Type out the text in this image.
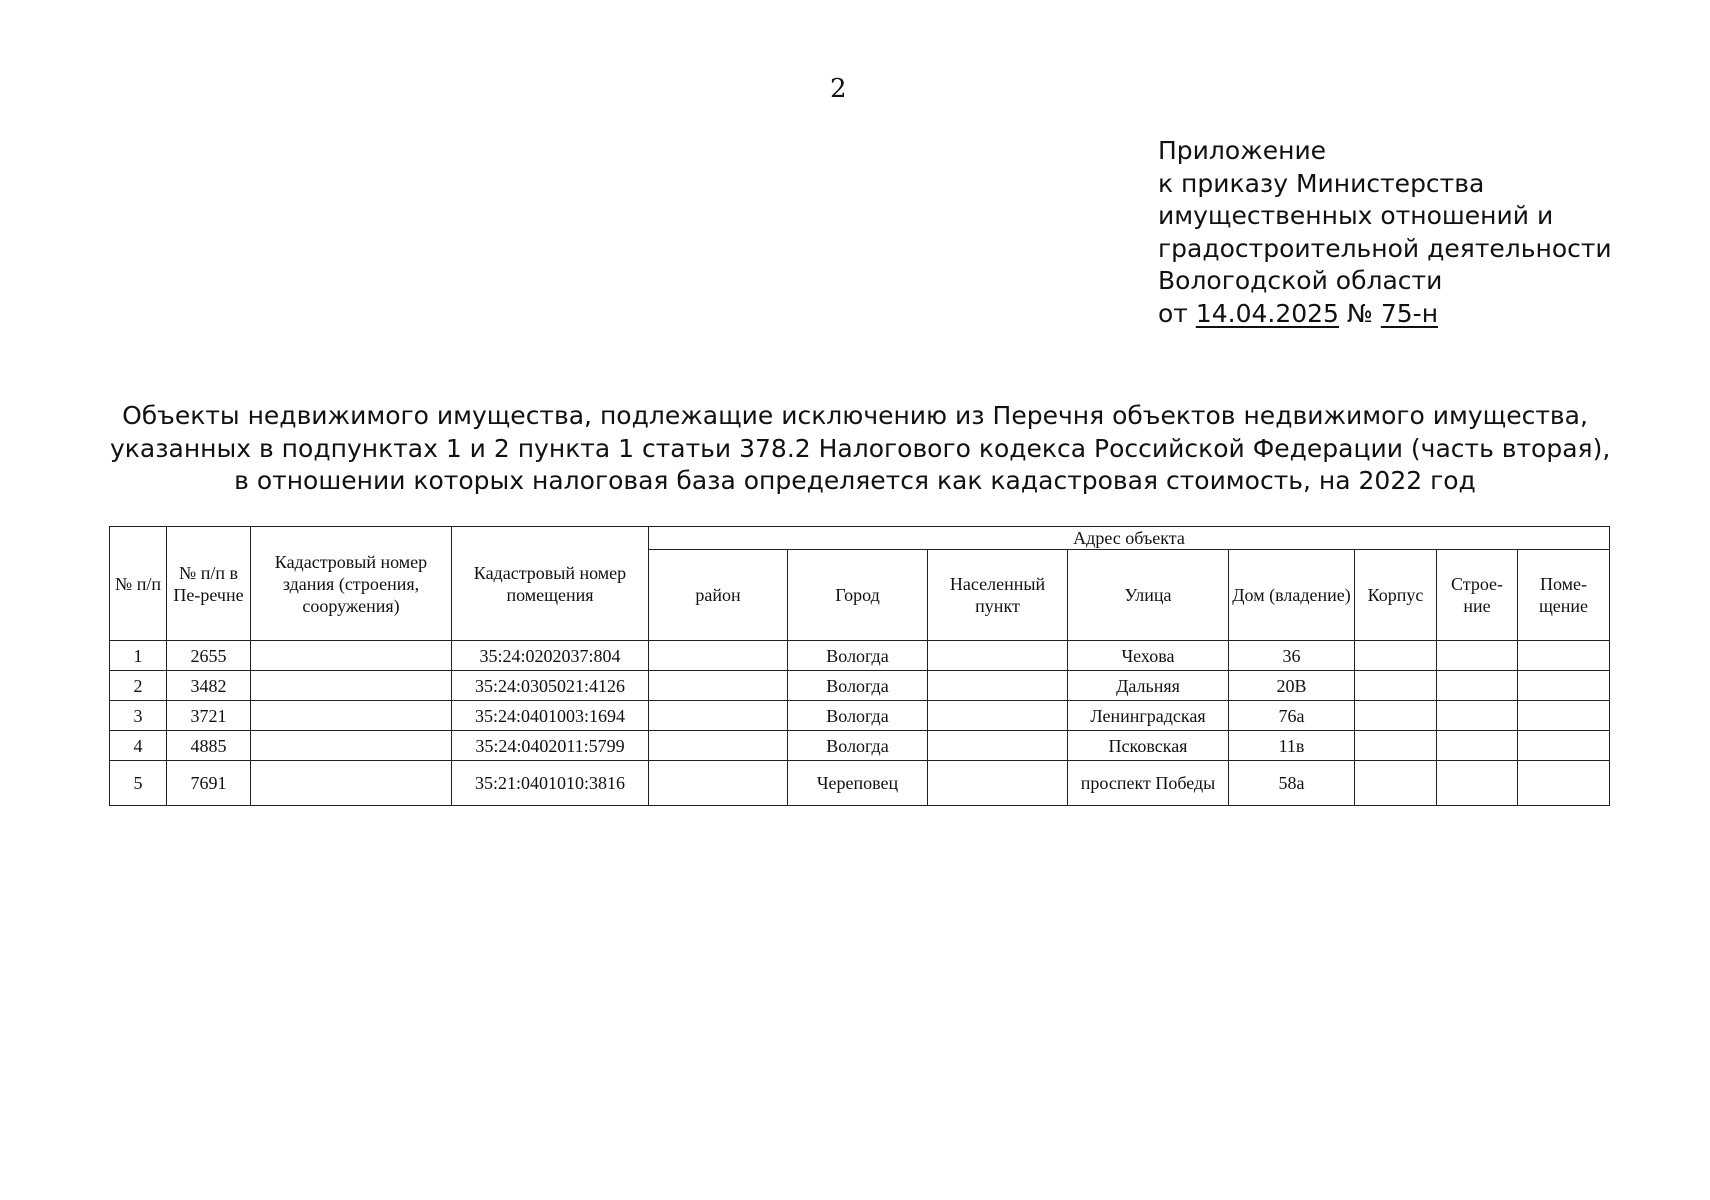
2
Приложение
к приказу Министерства
имущественных отношений и
градостроительной деятельности
Вологодской области
от 14.04.2025 № 75-н
Объекты недвижимого имущества, подлежащие исключению из Перечня объектов недвижимого имущества,
указанных в подпунктах 1 и 2 пункта 1 статьи 378.2 Налогового кодекса Российской Федерации (часть вторая),
в отношении которых налоговая база определяется как кадастровая стоимость, на 2022 год
№ п/п	№ п/п в Пе-речне	Кадастровый номер здания (строения, сооружения)	Кадастровый номер помещения	Адрес объекта							
				район	Город	Населенный пункт	Улица	Дом (владение)	Корпус	Строе-ние	Поме-щение
1	2655		35:24:0202037:804		Вологда		Чехова	36			
2	3482		35:24:0305021:4126		Вологда		Дальняя	20В			
3	3721		35:24:0401003:1694		Вологда		Ленинградская	76а			
4	4885		35:24:0402011:5799		Вологда		Псковская	11в			
5	7691		35:21:0401010:3816		Череповец		проспект Победы	58а			
